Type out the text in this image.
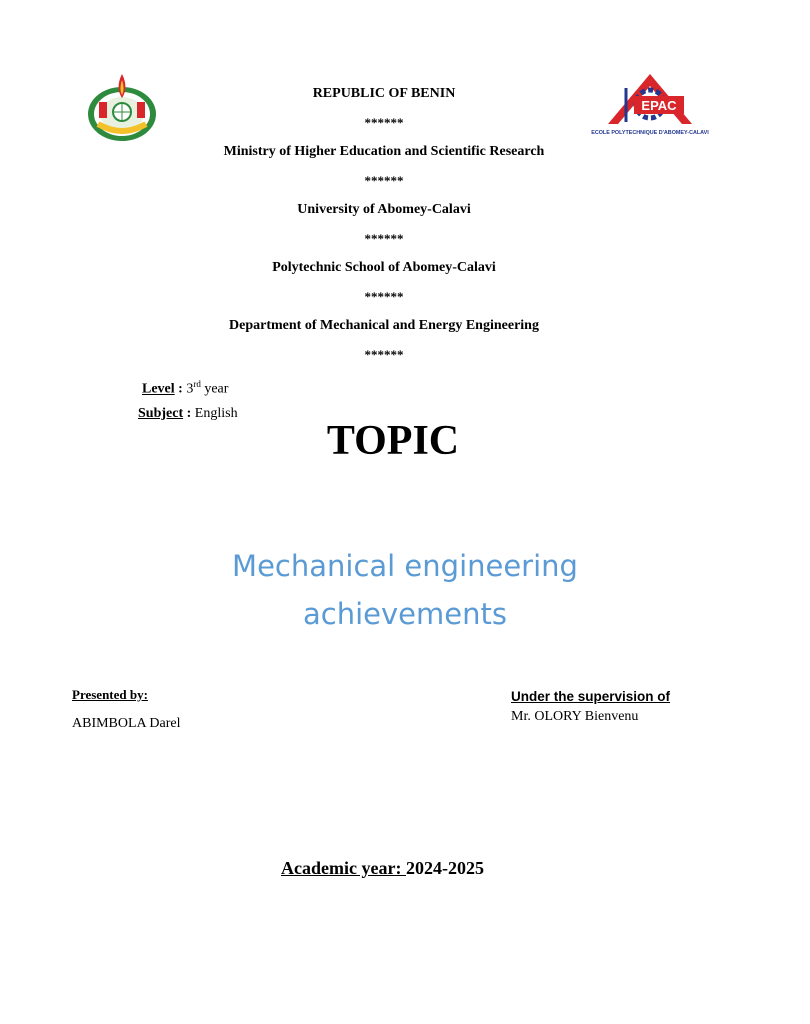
EPAC
ECOLE POLYTECHNIQUE D'ABOMEY-CALAVI
REPUBLIC OF BENIN
******
Ministry of Higher Education and Scientific Research
******
University of Abomey-Calavi
******
Polytechnic School of Abomey-Calavi
******
Department of Mechanical and Energy Engineering
******
Level : 3rd year
Subject : English
TOPIC
Mechanical engineering
achievements
Presented by:
ABIMBOLA Darel
Under the supervision of
Mr. OLORY Bienvenu
Academic year: 2024-2025
